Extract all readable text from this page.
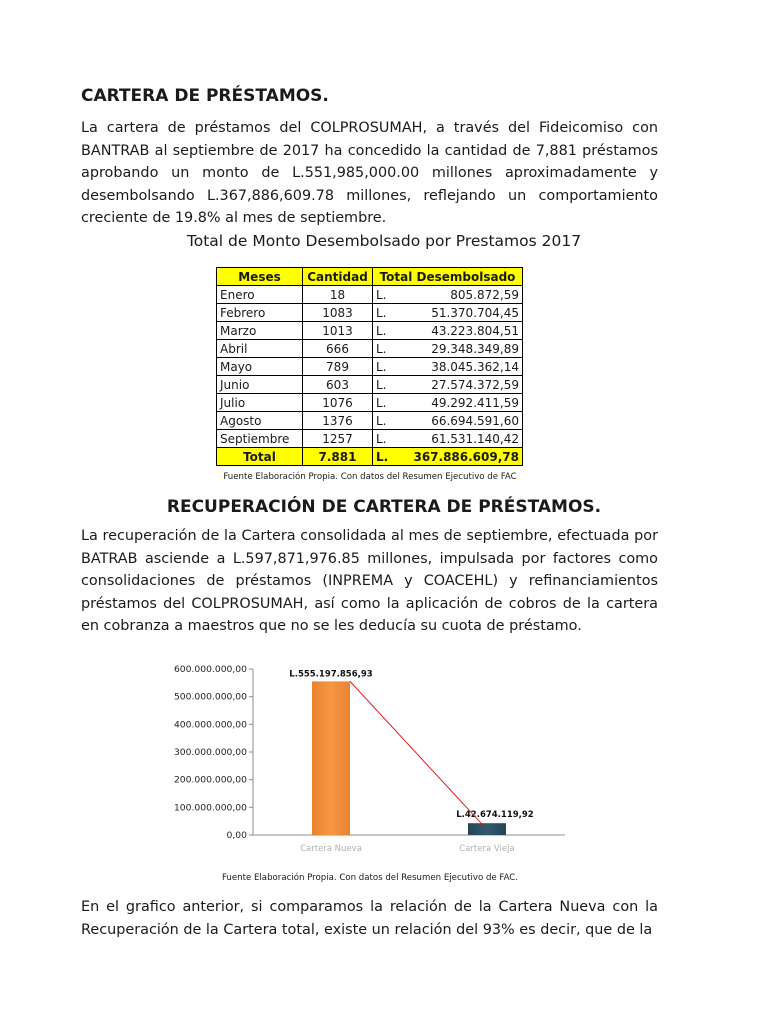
CARTERA DE PRÉSTAMOS.
La cartera de préstamos del COLPROSUMAH, a través del Fideicomiso con BANTRAB al septiembre de 2017 ha concedido la cantidad de 7,881 préstamos aprobando un monto de L.551,985,000.00 millones aproximadamente y desembolsando L.367,886,609.78 millones, reflejando un comportamiento creciente de 19.8% al mes de septiembre.
Total de Monto Desembolsado por Prestamos 2017
Meses	Cantidad	Total Desembolsado	
Enero	18	L.	805.872,59
Febrero	1083	L.	51.370.704,45
Marzo	1013	L.	43.223.804,51
Abril	666	L.	29.348.349,89
Mayo	789	L.	38.045.362,14
Junio	603	L.	27.574.372,59
Julio	1076	L.	49.292.411,59
Agosto	1376	L.	66.694.591,60
Septiembre	1257	L.	61.531.140,42
Total	7.881	L.	367.886.609,78
Fuente Elaboración Propia. Con datos del Resumen Ejecutivo de FAC
RECUPERACIÓN DE CARTERA DE PRÉSTAMOS.
La recuperación de la Cartera consolidada al mes de septiembre, efectuada por BATRAB asciende a L.597,871,976.85 millones, impulsada por factores como consolidaciones de préstamos (INPREMA y COACEHL) y refinanciamientos préstamos del COLPROSUMAH, así como la aplicación de cobros de la cartera en cobranza a maestros que no se les deducía su cuota de préstamo.
0,00
100.000.000,00
200.000.000,00
300.000.000,00
400.000.000,00
500.000.000,00
600.000.000,00	L.555.197.856,93
Cartera Nueva
L.42.674.119,92
Cartera Vieja
Fuente Elaboración Propia. Con datos del Resumen Ejecutivo de FAC.
En el grafico anterior, si comparamos la relación de la Cartera Nueva con la Recuperación de la Cartera total, existe un relación del 93% es decir, que de la
